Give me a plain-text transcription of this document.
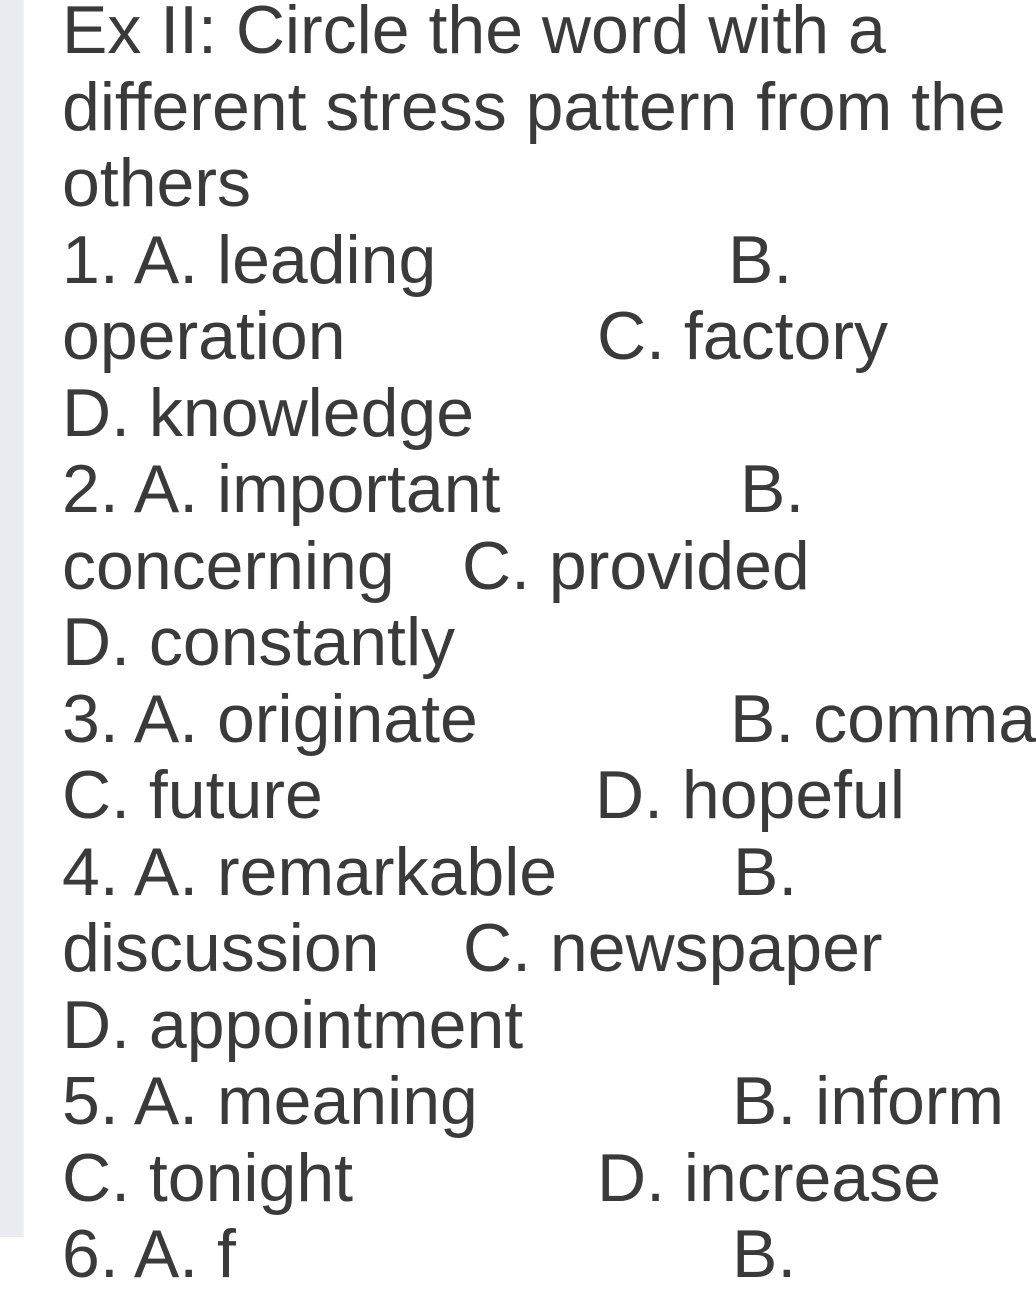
Ex II: Circle the word with a
different stress pattern from the
others
1. A. leading	B.
operation	C. factory
D. knowledge
2. A. important	B.
concerning C. provided
D. constantly
3. A. originate	B. comma
C. future	D. hopeful
4. A. remarkable	B.
discussion C. newspaper
D. appointment
5. A. meaning	B. inform
C. tonight	D. increase
6. A. f	B.
